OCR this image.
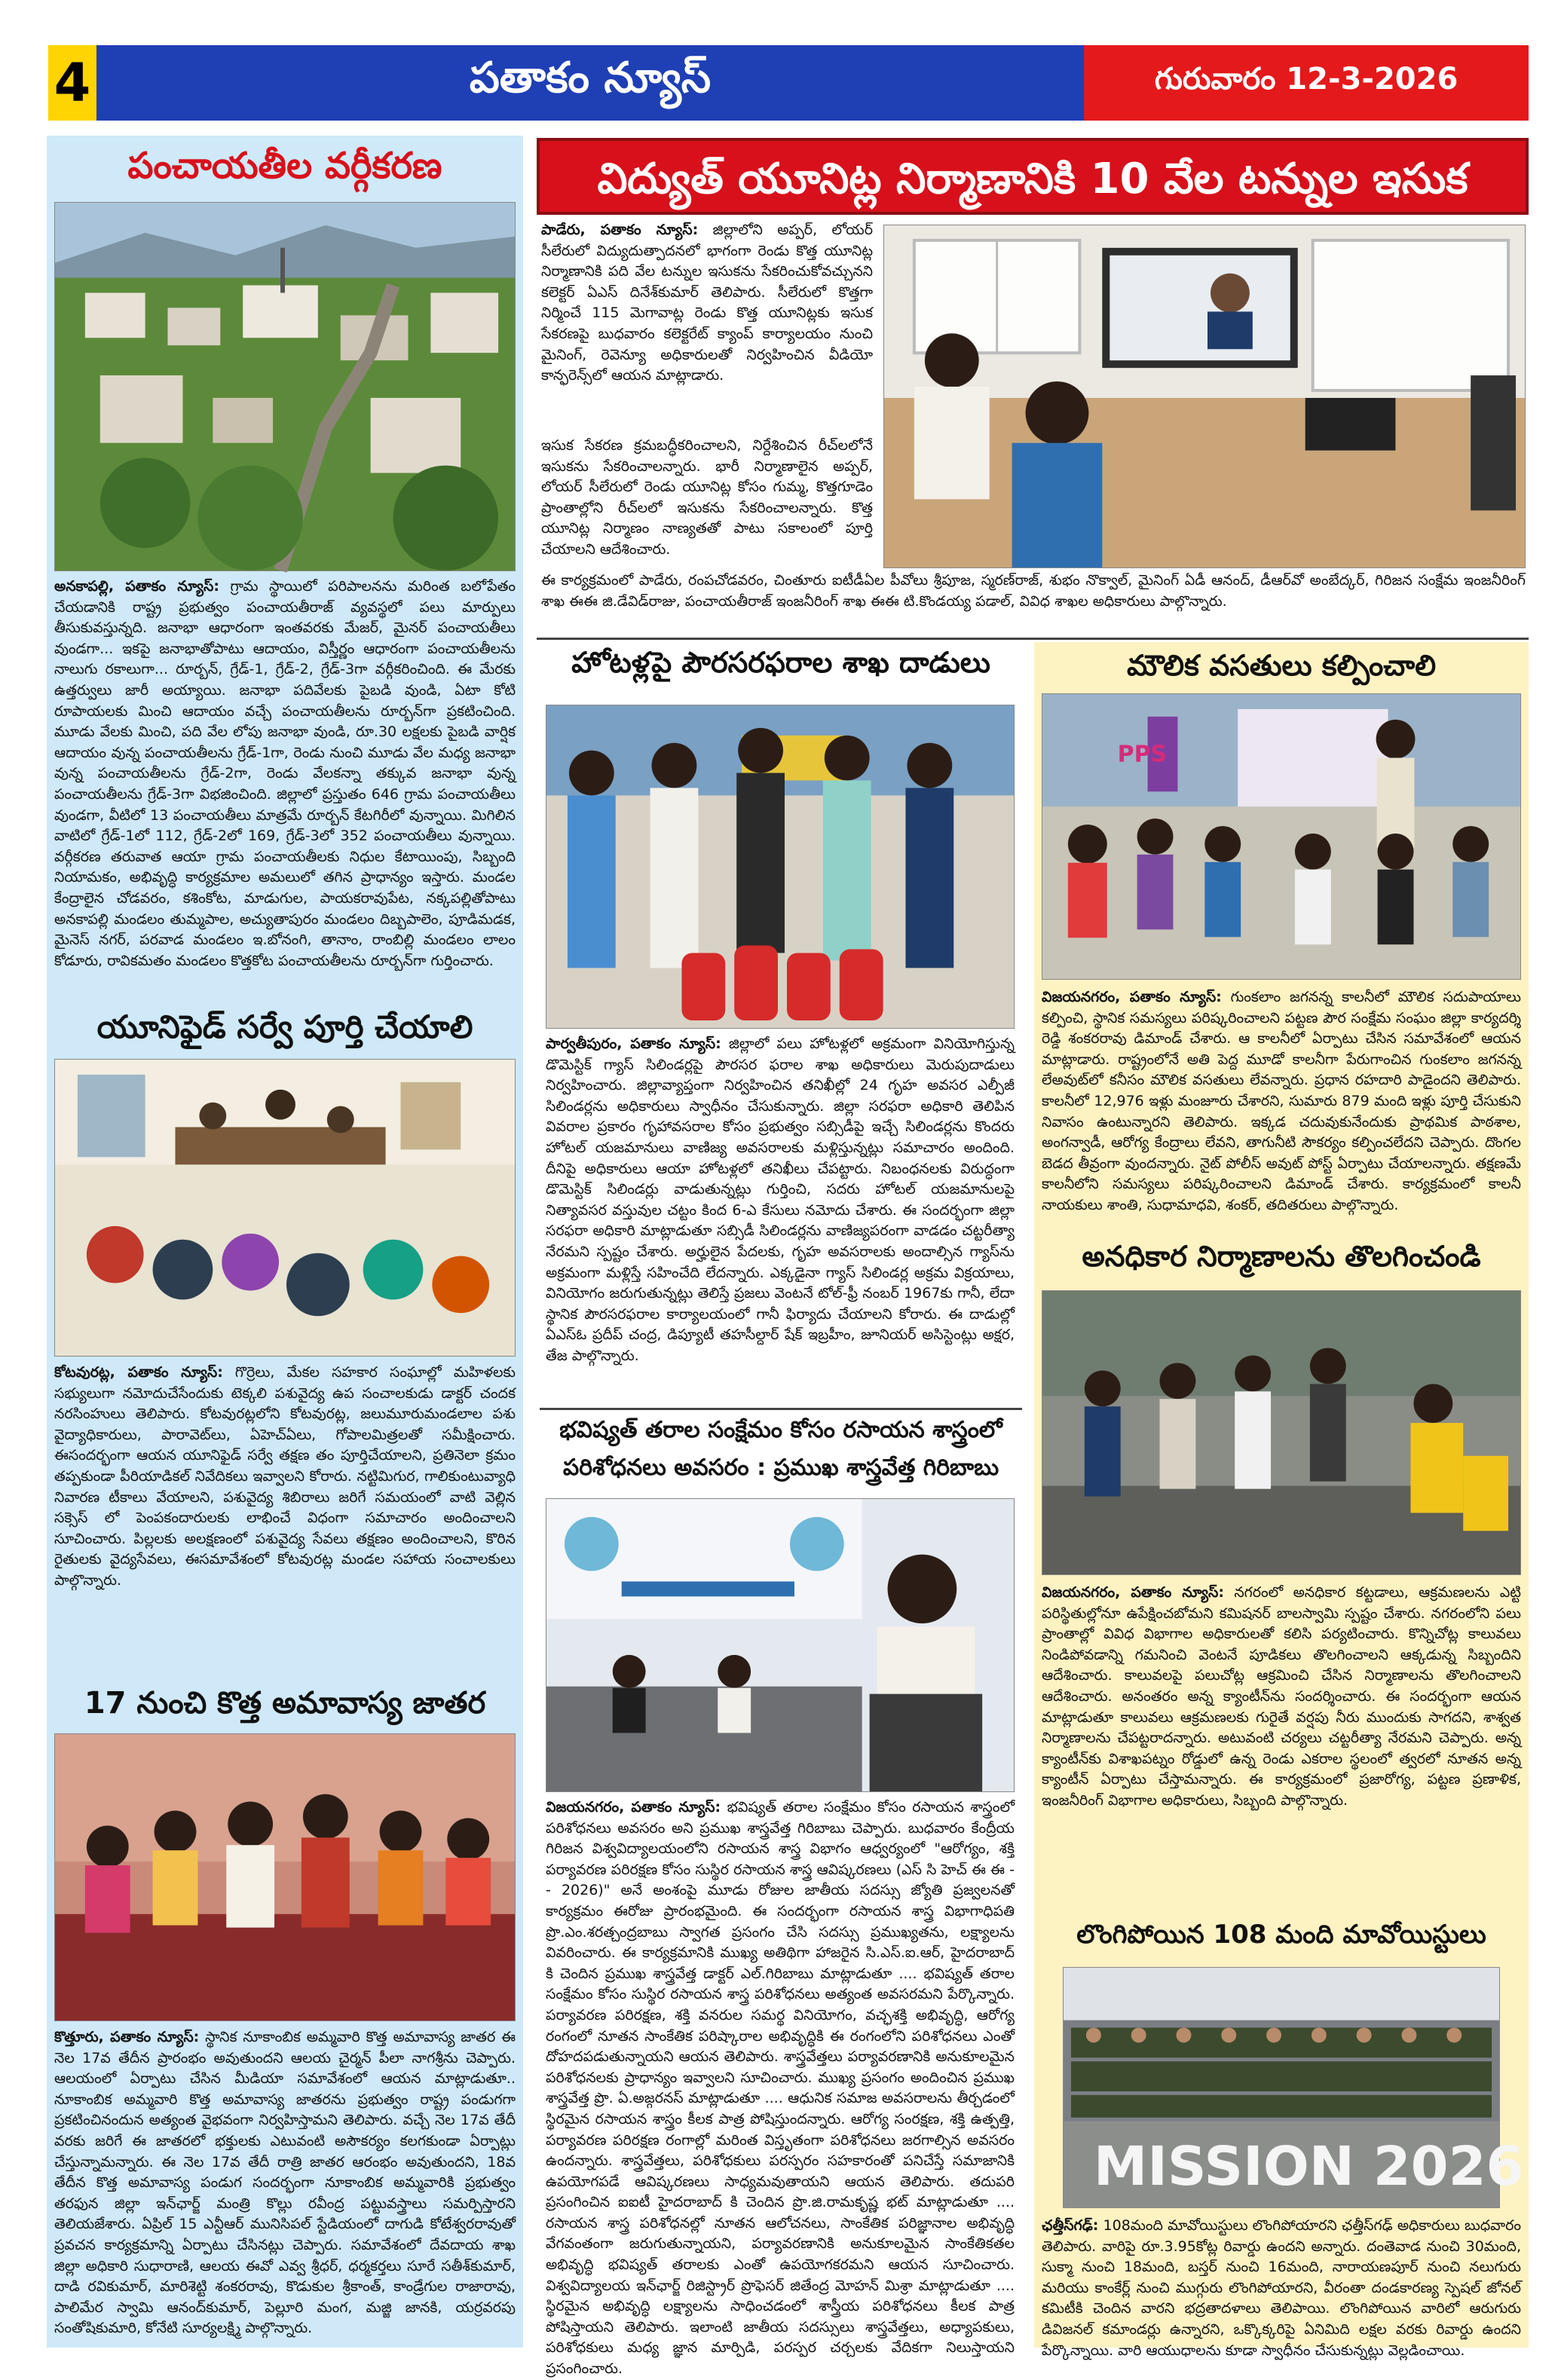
4	పతాకం న్యూస్	గురువారం 12-3-2026
పంచాయతీల వర్గీకరణ
అనకాపల్లి, పతాకం న్యూస్: గ్రామ స్థాయిలో పరిపాలనను మరింత బలోపేతం చేయడానికి రాష్ట్ర ప్రభుత్వం పంచాయతీరాజ్ వ్యవస్థలో పలు మార్పులు తీసుకువస్తున్నది. జనాభా ఆధారంగా ఇంతవరకు మేజర్, మైనర్ పంచాయతీలు వుండగా... ఇకపై జనాభాతోపాటు ఆదాయం, విస్తీర్ణం ఆధారంగా పంచాయతీలను నాలుగు రకాలుగా... రూర్బన్, గ్రేడ్-1, గ్రేడ్-2, గ్రేడ్-3గా వర్గీకరించింది. ఈ మేరకు ఉత్తర్వులు జారీ అయ్యాయి. జనాభా పదివేలకు పైబడి వుండి, ఏటా కోటి రూపాయలకు మించి ఆదాయం వచ్చే పంచాయతీలను రూర్బన్‌గా ప్రకటించింది. మూడు వేలకు మించి, పది వేల లోపు జనాభా వుండి, రూ.30 లక్షలకు పైబడి వార్షిక ఆదాయం వున్న పంచాయతీలను గ్రేడ్-1గా, రెండు నుంచి మూడు వేల మధ్య జనాభా వున్న పంచాయతీలను గ్రేడ్-2గా, రెండు వేలకన్నా తక్కువ జనాభా వున్న పంచాయతీలను గ్రేడ్-3గా విభజించింది. జిల్లాలో ప్రస్తుతం 646 గ్రామ పంచాయతీలు వుండగా, వీటిలో 13 పంచాయతీలు మాత్రమే రూర్బన్ కేటగిరీలో వున్నాయి. మిగిలిన వాటిలో గ్రేడ్-1లో 112, గ్రేడ్-2లో 169, గ్రేడ్-3లో 352 పంచాయతీలు వున్నాయి. వర్గీకరణ తరువాత ఆయా గ్రామ పంచాయతీలకు నిధుల కేటాయింపు, సిబ్బంది నియామకం, అభివృద్ధి కార్యక్రమాల అమలులో తగిన ప్రాధాన్యం ఇస్తారు. మండల కేంద్రాలైన చోడవరం, కశింకోట, మాడుగుల, పాయకరావుపేట, నక్కపల్లితోపాటు అనకాపల్లి మండలం తుమ్మపాల, అచ్యుతాపురం మండలం దిబ్బపాలెం, పూడిమడక, మైనెస్ నగర్, పరవాడ మండలం ఇ.బోనంగి, తానాం, రాంబిల్లి మండలం లాలం కోడూరు, రావికమతం మండలం కొత్తకోట పంచాయతీలను రూర్బన్‌గా గుర్తించారు.
యూనిఫైడ్ సర్వే పూర్తి చేయాలి
కోటవురట్ల, పతాకం న్యూస్: గొర్రెలు, మేకల సహకార సంఘాల్లో మహిళలకు సభ్యులుగా నమోదుచేసేందుకు టెక్కలి పశువైద్య ఉప సంచాలకుడు డాక్టర్ చందక నరసింహులు తెలిపారు. కోటవురట్లలోని కోటవురట్ల, జలుమూరుమండలాల పశు వైద్యాధికారులు, పారావెట్‌లు, ఏహెచ్‌ఏలు, గోపాలమిత్రలతో సమీక్షించారు. ఈసందర్భంగా ఆయన యూనిఫైడ్ సర్వే తక్షణ తం పూర్తిచేయాలని, ప్రతినెలా క్రమం తప్పకుండా పీరియాడికల్ నివేదికలు ఇవ్వాలని కోరారు. నట్టిమిగుర, గాలికుంటువ్యాధి నివారణ టీకాలు వేయాలని, పశువైద్య శిబిరాలు జరిగే సమయంలో వాటి వెల్లిన సక్సెస్ లో పెంపకందారులకు లాభించే విధంగా సమాచారం అందించాలని సూచించారు. పిల్లలకు అలక్షణంలో పశువైద్య సేవలు తక్షణం అందించాలని, కొరిన రైతులకు వైద్యసేవలు, ఈసమావేశంలో కోటవురట్ల మండల సహాయ సంచాలకులు పాల్గొన్నారు.
17 నుంచి కొత్త అమావాస్య జాతర
కొత్తూరు, పతాకం న్యూస్: స్థానిక నూకాంబిక అమ్మవారి కొత్త అమావాస్య జాతర ఈ నెల 17వ తేదీన ప్రారంభం అవుతుందని ఆలయ చైర్మన్ పీలా నాగశ్రీను చెప్పారు. ఆలయంలో ఏర్పాటు చేసిన మీడియా సమావేశంలో ఆయన మాట్లాడుతూ.. నూకాంబిక అమ్మవారి కొత్త అమావాస్య జాతరను ప్రభుత్వం రాష్ట్ర పండుగగా ప్రకటించినందున అత్యంత వైభవంగా నిర్వహిస్తామని తెలిపారు. వచ్చే నెల 17వ తేదీ వరకు జరిగే ఈ జాతరలో భక్తులకు ఎటువంటి అసౌకర్యం కలగకుండా ఏర్పాట్లు చేస్తున్నామన్నారు. ఈ నెల 17వ తేదీ రాత్రి జాతర ఆరంభం అవుతుందని, 18వ తేదీన కొత్త అమావాస్య పండుగ సందర్భంగా నూకాంబిక అమ్మవారికి ప్రభుత్వం తరఫున జిల్లా ఇన్‌ఛార్జ్ మంత్రి కొల్లు రవీంద్ర పట్టువస్త్రాలు సమర్పిస్తారని తెలియజేశారు. ఏప్రిల్ 15 ఎన్టీఆర్ మునిసిపల్ స్టేడియంలో దాగుడి కోటేశ్వరరావుతో ప్రవచన కార్యక్రమాన్ని ఏర్పాటు చేసినట్లు చెప్పారు. సమావేశంలో దేవదాయ శాఖ జిల్లా అధికారి సుధారాణి, ఆలయ ఈవో ఎవ్వ శ్రీధర్, ధర్మకర్తలు సూరే సతీశ్‌కుమార్, దాడి రవికుమార్, మారిశెట్టి శంకరరావు, కొడుకుల శ్రీకాంత్, కాండ్రేగుల రాజారావు, పాలిమేర స్వామి ఆనంద్‌కుమార్, పెల్లూరి మంగ, మజ్జి జానకి, యర్రవరపు సంతోషికుమారి, కోనేటి సూర్యలక్ష్మి పాల్గొన్నారు.
విద్యుత్ యూనిట్ల నిర్మాణానికి 10 వేల టన్నుల ఇసుక
పాడేరు, పతాకం న్యూస్: జిల్లాలోని అప్పర్, లోయర్ సీలేరులో విద్యుదుత్పాదనలో భాగంగా రెండు కొత్త యూనిట్ల నిర్మాణానికి పది వేల టన్నుల ఇసుకను సేకరించుకోవచ్చునని కలెక్టర్ ఏఎస్ దినేశ్‌కుమార్ తెలిపారు. సీలేరులో కొత్తగా నిర్మించే 115 మెగావాట్ల రెండు కొత్త యూనిట్లకు ఇసుక సేకరణపై బుధవారం కలెక్టరేట్ క్యాంప్ కార్యాలయం నుంచి మైనింగ్, రెవెన్యూ అధికారులతో నిర్వహించిన వీడియో కాన్ఫరెన్స్‌లో ఆయన మాట్లాడారు.
ఇసుక సేకరణ క్రమబద్ధీకరించాలని, నిర్దేశించిన రీచ్‌లలోనే ఇసుకను సేకరించాలన్నారు. భారీ నిర్మాణాలైన అప్పర్, లోయర్ సీలేరులో రెండు యూనిట్ల కోసం గుమ్మ, కొత్తగూడెం ప్రాంతాల్లోని రీచ్‌లలో ఇసుకను సేకరించాలన్నారు. కొత్త యూనిట్ల నిర్మాణం నాణ్యతతో పాటు సకాలంలో పూర్తి చేయాలని ఆదేశించారు.
ఈ కార్యక్రమంలో పాడేరు, రంపచోడవరం, చింతూరు ఐటీడీఏల పీవోలు శ్రీపూజ, స్మరణ్‌రాజ్, శుభం నొక్వాల్, మైనింగ్ ఏడీ ఆనంద్, డీఆర్‌వో అంబేద్కర్, గిరిజన సంక్షేమ ఇంజనీరింగ్ శాఖ ఈఈ జి.డేవిడ్‌రాజు, పంచాయతీరాజ్ ఇంజనీరింగ్ శాఖ ఈఈ టి.కొండయ్య పడాల్, వివిధ శాఖల అధికారులు పాల్గొన్నారు.
హోటళ్లపై పౌరసరఫరాల శాఖ దాడులు
పార్వతీపురం, పతాకం న్యూస్: జిల్లాలో పలు హోటళ్లలో అక్రమంగా వినియోగిస్తున్న డొమెస్టిక్ గ్యాస్ సిలిండర్లపై పౌరసర ఫరాల శాఖ అధికారులు మెరుపుదాడులు నిర్వహించారు. జిల్లావ్యాప్తంగా నిర్వహించిన తనిఖీల్లో 24 గృహ అవసర ఎల్పీజీ సిలిండర్లను అధికారులు స్వాధీనం చేసుకున్నారు. జిల్లా సరఫరా అధికారి తెలిపిన వివరాల ప్రకారం గృహావసరాల కోసం ప్రభుత్వం సబ్సిడీపై ఇచ్చే సిలిండర్లను కొందరు హోటల్ యజమానులు వాణిజ్య అవసరాలకు మళ్లిస్తున్నట్లు సమాచారం అందింది. దీనిపై అధికారులు ఆయా హోటళ్లలో తనిఖీలు చేపట్టారు. నిబంధనలకు విరుద్ధంగా డొమెస్టిక్ సిలిండర్లు వాడుతున్నట్లు గుర్తించి, సదరు హోటల్ యజమానులపై నిత్యావసర వస్తువుల చట్టం కింద 6-ఎ కేసులు నమోదు చేశారు. ఈ సందర్భంగా జిల్లా సరఫరా అధికారి మాట్లాడుతూ సబ్సిడీ సిలిండర్లను వాణిజ్యపరంగా వాడడం చట్టరీత్యా నేరమని స్పష్టం చేశారు. అర్హులైన పేదలకు, గృహ అవసరాలకు అందాల్సిన గ్యాస్‌ను అక్రమంగా మళ్లిస్తే సహించేది లేదన్నారు. ఎక్కడైనా గ్యాస్ సిలిండర్ల అక్రమ విక్రయాలు, వినియోగం జరుగుతున్నట్లు తెలిస్తే ప్రజలు వెంటనే టోల్-ఫ్రీ నంబర్ 1967కు గానీ, లేదా స్థానిక పౌరసరఫరాల కార్యాలయంలో గానీ ఫిర్యాదు చేయాలని కోరారు. ఈ దాడుల్లో ఏఎస్‌ఓ ప్రదీప్ చంద్ర, డిప్యూటీ తహసీల్దార్ షేక్ ఇబ్రహీం, జూనియర్ అసిస్టెంట్లు అక్షర, తేజ పాల్గొన్నారు.
భవిష్యత్ తరాల సంక్షేమం కోసం రసాయన శాస్త్రంలో
పరిశోధనలు అవసరం : ప్రముఖ శాస్త్రవేత్త గిరిబాబు
విజయనగరం, పతాకం న్యూస్: భవిష్యత్ తరాల సంక్షేమం కోసం రసాయన శాస్త్రంలో పరిశోధనలు అవసరం అని ప్రముఖ శాస్త్రవేత్త గిరిబాబు చెప్పారు. బుధవారం కేంద్రీయ గిరిజన విశ్వవిద్యాలయంలోని రసాయన శాస్త్ర విభాగం ఆధ్వర్యంలో "ఆరోగ్యం, శక్తి పర్యావరణ పరిరక్షణ కోసం సుస్థిర రసాయన శాస్త్ర ఆవిష్కరణలు (ఎస్ సి హెచ్ ఈ ఈ -- 2026)" అనే అంశంపై మూడు రోజుల జాతీయ సదస్సు జ్యోతి ప్రజ్వలనతో కార్యక్రమం ఈరోజు ప్రారంభమైంది. ఈ సందర్భంగా రసాయన శాస్త్ర విభాగాధిపతి ప్రొ.ఎం.శరత్చంద్రబాబు స్వాగత ప్రసంగం చేసి సదస్సు ప్రముఖ్యతను, లక్ష్యాలను వివరించారు. ఈ కార్యక్రమానికి ముఖ్య అతిథిగా హాజరైన సి.ఎస్.ఐ.ఆర్, హైదరాబాద్ కి చెందిన ప్రముఖ శాస్త్రవేత్త డాక్టర్ ఎల్.గిరిబాబు మాట్లాడుతూ .... భవిష్యత్ తరాల సంక్షేమం కోసం సుస్థిర రసాయన శాస్త్ర పరిశోధనలు అత్యంత అవసరమని పేర్కొన్నారు. పర్యావరణ పరిరక్షణ, శక్తి వనరుల సమర్థ వినియోగం, వచ్ఛశక్తి అభివృద్ధి, ఆరోగ్య రంగంలో నూతన సాంకేతిక పరిష్కారాల అభివృద్ధికి ఈ రంగంలోని పరిశోధనలు ఎంతో దోహదపడుతున్నాయని ఆయన తెలిపారు. శాస్త్రవేత్తలు పర్యావరణానికి అనుకూలమైన పరిశోధనలకు ప్రాధాన్యం ఇవ్వాలని సూచించారు. ముఖ్య ప్రసంగం అందించిన ప్రముఖ శాస్త్రవేత్త ప్రొ. ఏ.అజ్గరనస్ మాట్లాడుతూ .... ఆధునిక సమాజ అవసరాలను తీర్చడంలో స్థిరమైన రసాయన శాస్త్రం కీలక పాత్ర పోషిస్తుందన్నారు. ఆరోగ్య సంరక్షణ, శక్తి ఉత్పత్తి, పర్యావరణ పరిరక్షణ రంగాల్లో మరింత విస్తృతంగా పరిశోధనలు జరగాల్సిన అవసరం ఉందన్నారు. శాస్త్రవేత్తలు, పరిశోధకులు పరస్పరం సహకారంతో పనిచేస్తే సమాజానికి ఉపయోగపడే ఆవిష్కరణలు సాధ్యమవుతాయని ఆయన తెలిపారు. తదుపరి ప్రసంగించిన ఐఐటీ హైదరాబాద్ కి చెందిన ప్రొ.జి.రామకృష్ణ భట్ మాట్లాడుతూ .... రసాయన శాస్త్ర పరిశోధనల్లో నూతన ఆలోచనలు, సాంకేతిక పరిజ్ఞానాల అభివృద్ధి వేగవంతంగా జరుగుతున్నాయని, పర్యావరణానికి అనుకూలమైన సాంకేతికతల అభివృద్ధి భవిష్యత్ తరాలకు ఎంతో ఉపయోగకరమని ఆయన సూచించారు. విశ్వవిద్యాలయ ఇన్‌ఛార్జ్ రిజిస్ట్రార్ ప్రొఫెసర్ జితేంద్ర మోహన్ మిశ్రా మాట్లాడుతూ .... స్థిరమైన అభివృద్ధి లక్ష్యాలను సాధించడంలో శాస్త్రీయ పరిశోధనలు కీలక పాత్ర పోషిస్తాయని తెలిపారు. ఇలాంటి జాతీయ సదస్సులు శాస్త్రవేత్తలు, అధ్యాపకులు, పరిశోధకులు మధ్య జ్ఞాన మార్పిడి, పరస్పర చర్చలకు వేదికగా నిలుస్తాయని ప్రసంగించారు.
మౌలిక వసతులు కల్పించాలి
PPS
విజయనగరం, పతాకం న్యూస్: గుంకలాం జగనన్న కాలనీలో మౌలిక సదుపాయాలు కల్పించి, స్థానిక సమస్యలు పరిష్కరించాలని పట్టణ పౌర సంక్షేమ సంఘం జిల్లా కార్యదర్శి రెడ్డి శంకరరావు డిమాండ్ చేశారు. ఆ కాలనీలో ఏర్పాటు చేసిన సమావేశంలో ఆయన మాట్లాడారు. రాష్ట్రంలోనే అతి పెద్ద మూడో కాలనీగా పేరుగాంచిన గుంకలాం జగనన్న లేఅవుట్‌లో కనీసం మౌలిక వసతులు లేవన్నారు. ప్రధాన రహదారి పాడైందని తెలిపారు. కాలనీలో 12,976 ఇళ్లు మంజూరు చేశారని, సుమారు 879 మంది ఇళ్లు పూర్తి చేసుకుని నివాసం ఉంటున్నారని తెలిపారు. ఇక్కడ చదువుకునేందుకు ప్రాథమిక పాఠశాల, అంగన్వాడీ, ఆరోగ్య కేంద్రాలు లేవని, తాగునీటి సౌకర్యం కల్పించలేదని చెప్పారు. దొంగల బెడద తీవ్రంగా వుందన్నారు. నైట్ పోలీస్ అవుట్ పోస్ట్ ఏర్పాటు చేయాలన్నారు. తక్షణమే కాలనీలోని సమస్యలు పరిష్కరించాలని డిమాండ్ చేశారు. కార్యక్రమంలో కాలనీ నాయకులు శాంతి, సుధామాధవి, శంకర్, తదితరులు పాల్గొన్నారు.
అనధికార నిర్మాణాలను తొలగించండి
విజయనగరం, పతాకం న్యూస్: నగరంలో అనధికార కట్టడాలు, ఆక్రమణలను ఎట్టి పరిస్థితుల్లోనూ ఉపేక్షించబోమని కమిషనర్ బాలస్వామి స్పష్టం చేశారు. నగరంలోని పలు ప్రాంతాల్లో వివిధ విభాగాల అధికారులతో కలిసి పర్యటించారు. కొన్నిచోట్ల కాలువలు నిండిపోవడాన్ని గమనించి వెంటనే పూడికలు తొలగించాలని ఆక్కడున్న సిబ్బందిని ఆదేశించారు. కాలువలపై పలుచోట్ల ఆక్రమించి చేసిన నిర్మాణాలను తొలగించాలని ఆదేశించారు. అనంతరం అన్న క్యాంటీన్‌ను సందర్శించారు. ఈ సందర్భంగా ఆయన మాట్లాడుతూ కాలువలు ఆక్రమణలకు గురైతే వర్షపు నీరు ముందుకు సాగదని, శాశ్వత నిర్మాణాలను చేపట్టరాదన్నారు. అటువంటి చర్యలు చట్టరీత్యా నేరమని చెప్పారు. అన్న క్యాంటీన్‌కు విశాఖపట్నం రోడ్డులో ఉన్న రెండు ఎకరాల స్థలంలో త్వరలో నూతన అన్న క్యాంటీన్ ఏర్పాటు చేస్తామన్నారు. ఈ కార్యక్రమంలో ప్రజారోగ్య, పట్టణ ప్రణాళిక, ఇంజనీరింగ్ విభాగాల అధికారులు, సిబ్బంది పాల్గొన్నారు.
లొంగిపోయిన 108 మంది మావోయిస్టులు
MISSION 2026
ఛత్తీస్‌గఢ్: 108మంది మావోయిస్టులు లొంగిపోయారని ఛత్తీస్‌గఢ్ అధికారులు బుధవారం తెలిపారు. వారిపై రూ.3.95కోట్ల రివార్డు ఉందని అన్నారు. దంతెవాడ నుంచి 30మంది, సుక్మా నుంచి 18మంది, బస్తర్ నుంచి 16మంది, నారాయణపూర్ నుంచి నలుగురు మరియు కాంకేర్ల్ నుంచి ముగ్గురు లొంగిపోయారని, వీరంతా దండకారణ్య స్పెషల్ జోనల్ కమిటీకి చెందిన వారని భద్రతాదళాలు తెలిపాయి. లొంగిపోయిన వారిలో ఆరుగురు డివిజనల్ కమాండర్లు ఉన్నారని, ఒక్కొక్కరిపై ఏనిమిది లక్షల వరకు రివార్డు ఉందని పేర్కొన్నాయి. వారి ఆయుధాలను కూడా స్వాధీనం చేసుకున్నట్లు వెల్లడించాయి.
